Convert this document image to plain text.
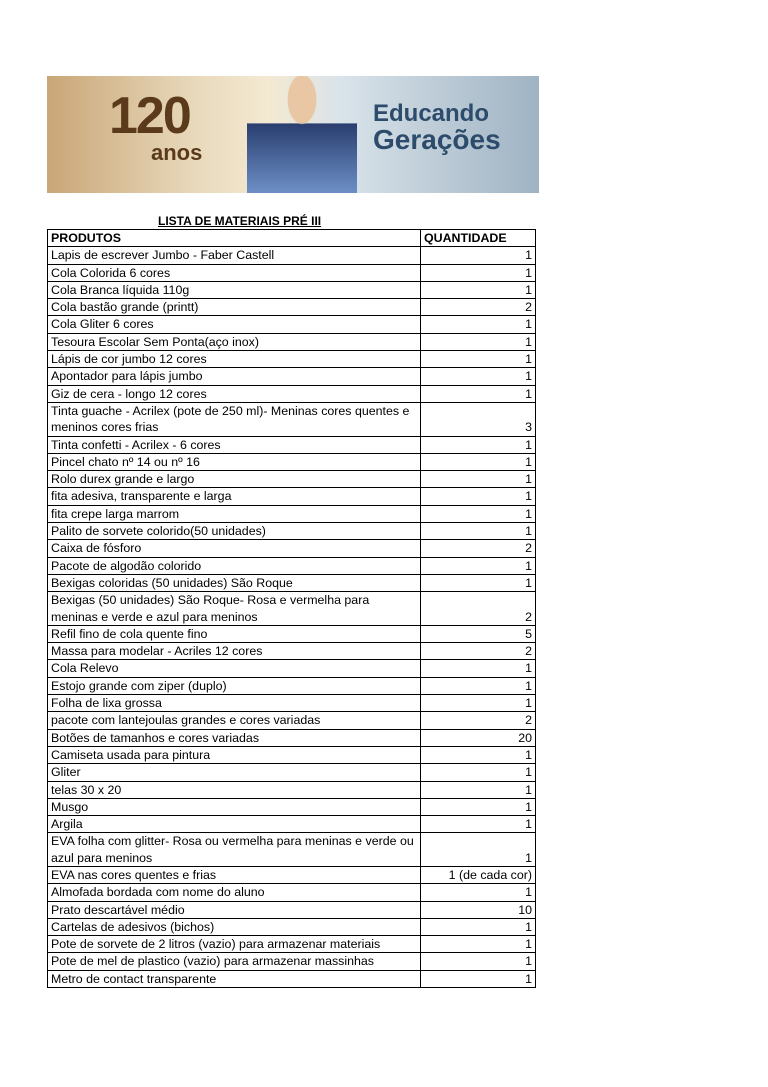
120
anos
Educando
Gerações
LISTA DE MATERIAIS PRÉ III
PRODUTOS	QUANTIDADE
Lapis de escrever Jumbo - Faber Castell	1
Cola Colorida 6 cores	1
Cola Branca líquida 110g	1
Cola bastão grande (printt)	2
Cola Gliter 6 cores	1
Tesoura Escolar Sem Ponta(aço inox)	1
Lápis de cor jumbo 12 cores	1
Apontador para lápis jumbo	1
Giz de cera - longo 12 cores	1
Tinta guache - Acrilex (pote de 250 ml)- Meninas cores quentes e meninos cores frias	3
Tinta confetti - Acrilex - 6 cores	1
Pincel chato nº 14 ou nº 16	1
Rolo durex grande e largo	1
fita adesiva, transparente e larga	1
fita crepe larga marrom	1
Palito de sorvete colorido(50 unidades)	1
Caixa de fósforo	2
Pacote de algodão colorido	1
Bexigas coloridas (50 unidades) São Roque	1
Bexigas (50 unidades) São Roque- Rosa e vermelha para meninas e verde e azul para meninos	2
Refil fino de cola quente fino	5
Massa para modelar - Acriles 12 cores	2
Cola Relevo	1
Estojo grande com ziper (duplo)	1
Folha de lixa grossa	1
pacote com lantejoulas grandes e cores variadas	2
Botões de tamanhos e cores variadas	20
Camiseta usada para pintura	1
Gliter	1
telas 30 x 20	1
Musgo	1
Argila	1
EVA folha com glitter- Rosa ou vermelha para meninas e verde ou azul para meninos	1
EVA nas cores quentes e frias	1 (de cada cor)
Almofada bordada com nome do aluno	1
Prato descartável médio	10
Cartelas de adesivos (bichos)	1
Pote de sorvete de 2 litros (vazio) para armazenar materiais	1
Pote de mel de plastico (vazio) para armazenar massinhas	1
Metro de contact transparente	1
